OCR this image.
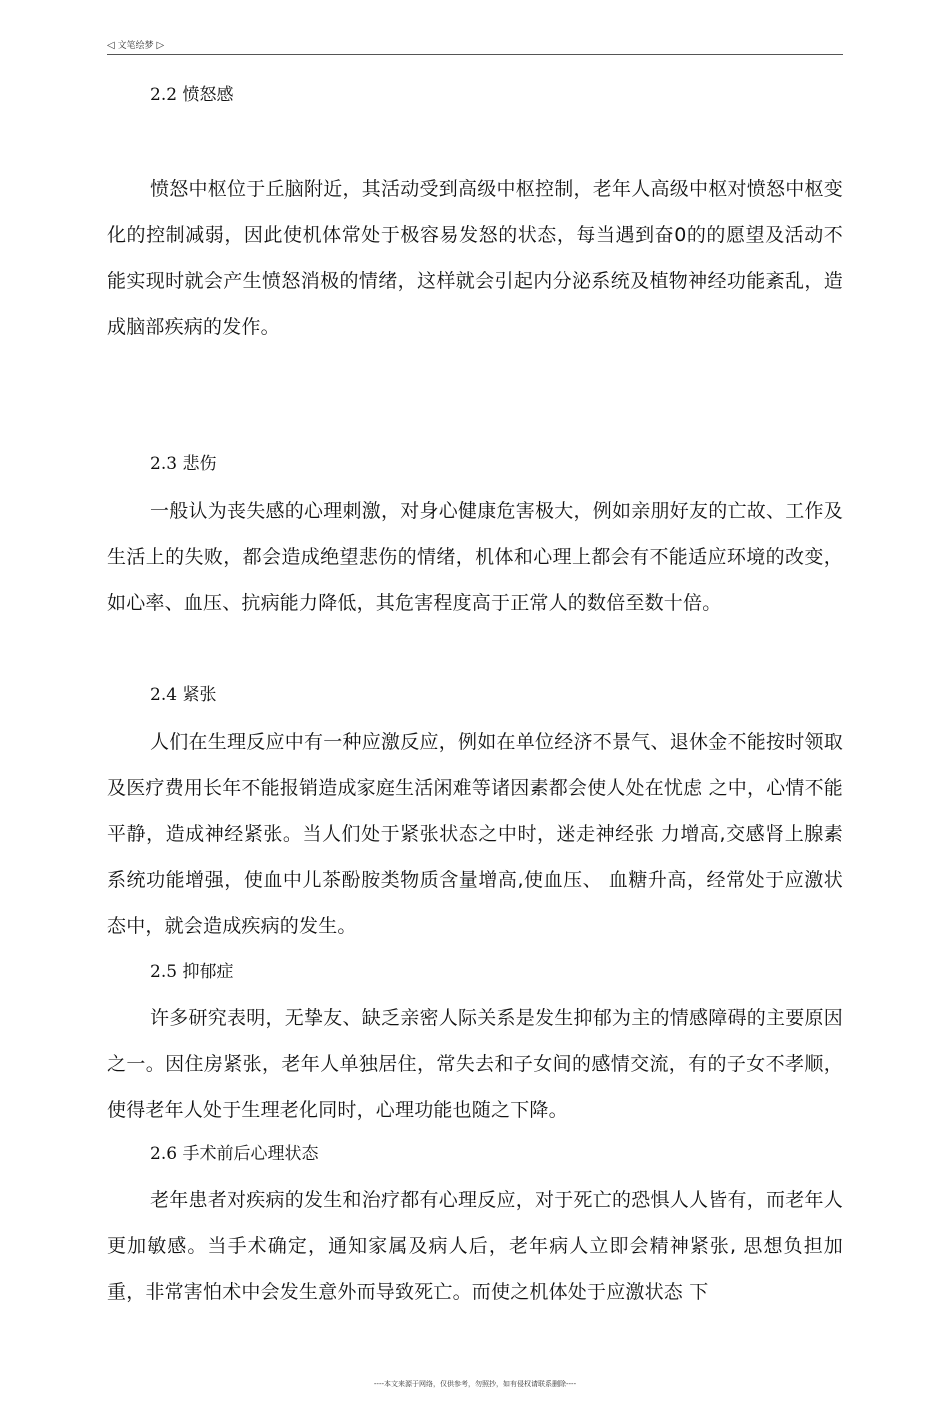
◁ 文笔绘梦 ▷
2.2 愤怒感

愤怒中枢位于丘脑附近，其活动受到高级中枢控制，老年人高级中枢对愤怒中枢变化的控制减弱，因此使机体常处于极容易发怒的状态，每当遇到奋0的的愿望及活动不能实现时就会产生愤怒消极的情绪，这样就会引起内分泌系统及植物神经功能紊乱，造成脑部疾病的发作。

2.3 悲伤

一般认为丧失感的心理刺激，对身心健康危害极大，例如亲朋好友的亡故、工作及生活上的失败，都会造成绝望悲伤的情绪，机体和心理上都会有不能适应环境的改变，如心率、血压、抗病能力降低，其危害程度高于正常人的数倍至数十倍。

2.4 紧张

人们在生理反应中有一种应激反应，例如在单位经济不景气、退休金不能按时领取及医疗费用长年不能报销造成家庭生活闲难等诸因素都会使人处在忧虑 之中，心情不能平静，造成神经紧张。当人们处于紧张状态之中时，迷走神经张 力增高,交感肾上腺素系统功能增强，使血中儿茶酚胺类物质含量增高,使血压、 血糖升高，经常处于应激状态中，就会造成疾病的发生。

2.5 抑郁症

许多研究表明，无挚友、缺乏亲密人际关系是发生抑郁为主的情感障碍的主要原因之一。因住房紧张，老年人单独居住，常失去和子女间的感情交流，有的子女不孝顺，使得老年人处于生理老化同时，心理功能也随之下降。

2.6 手术前后心理状态

老年患者对疾病的发生和治疗都有心理反应，对于死亡的恐惧人人皆有，而老年人更加敏感。当手术确定，通知家属及病人后，老年病人立即会精神紧张, 思想负担加重，非常害怕术中会发生意外而导致死亡。而使之机体处于应激状态 下

----本文来源于网络，仅供参考，勿照抄，如有侵权请联系删除----
